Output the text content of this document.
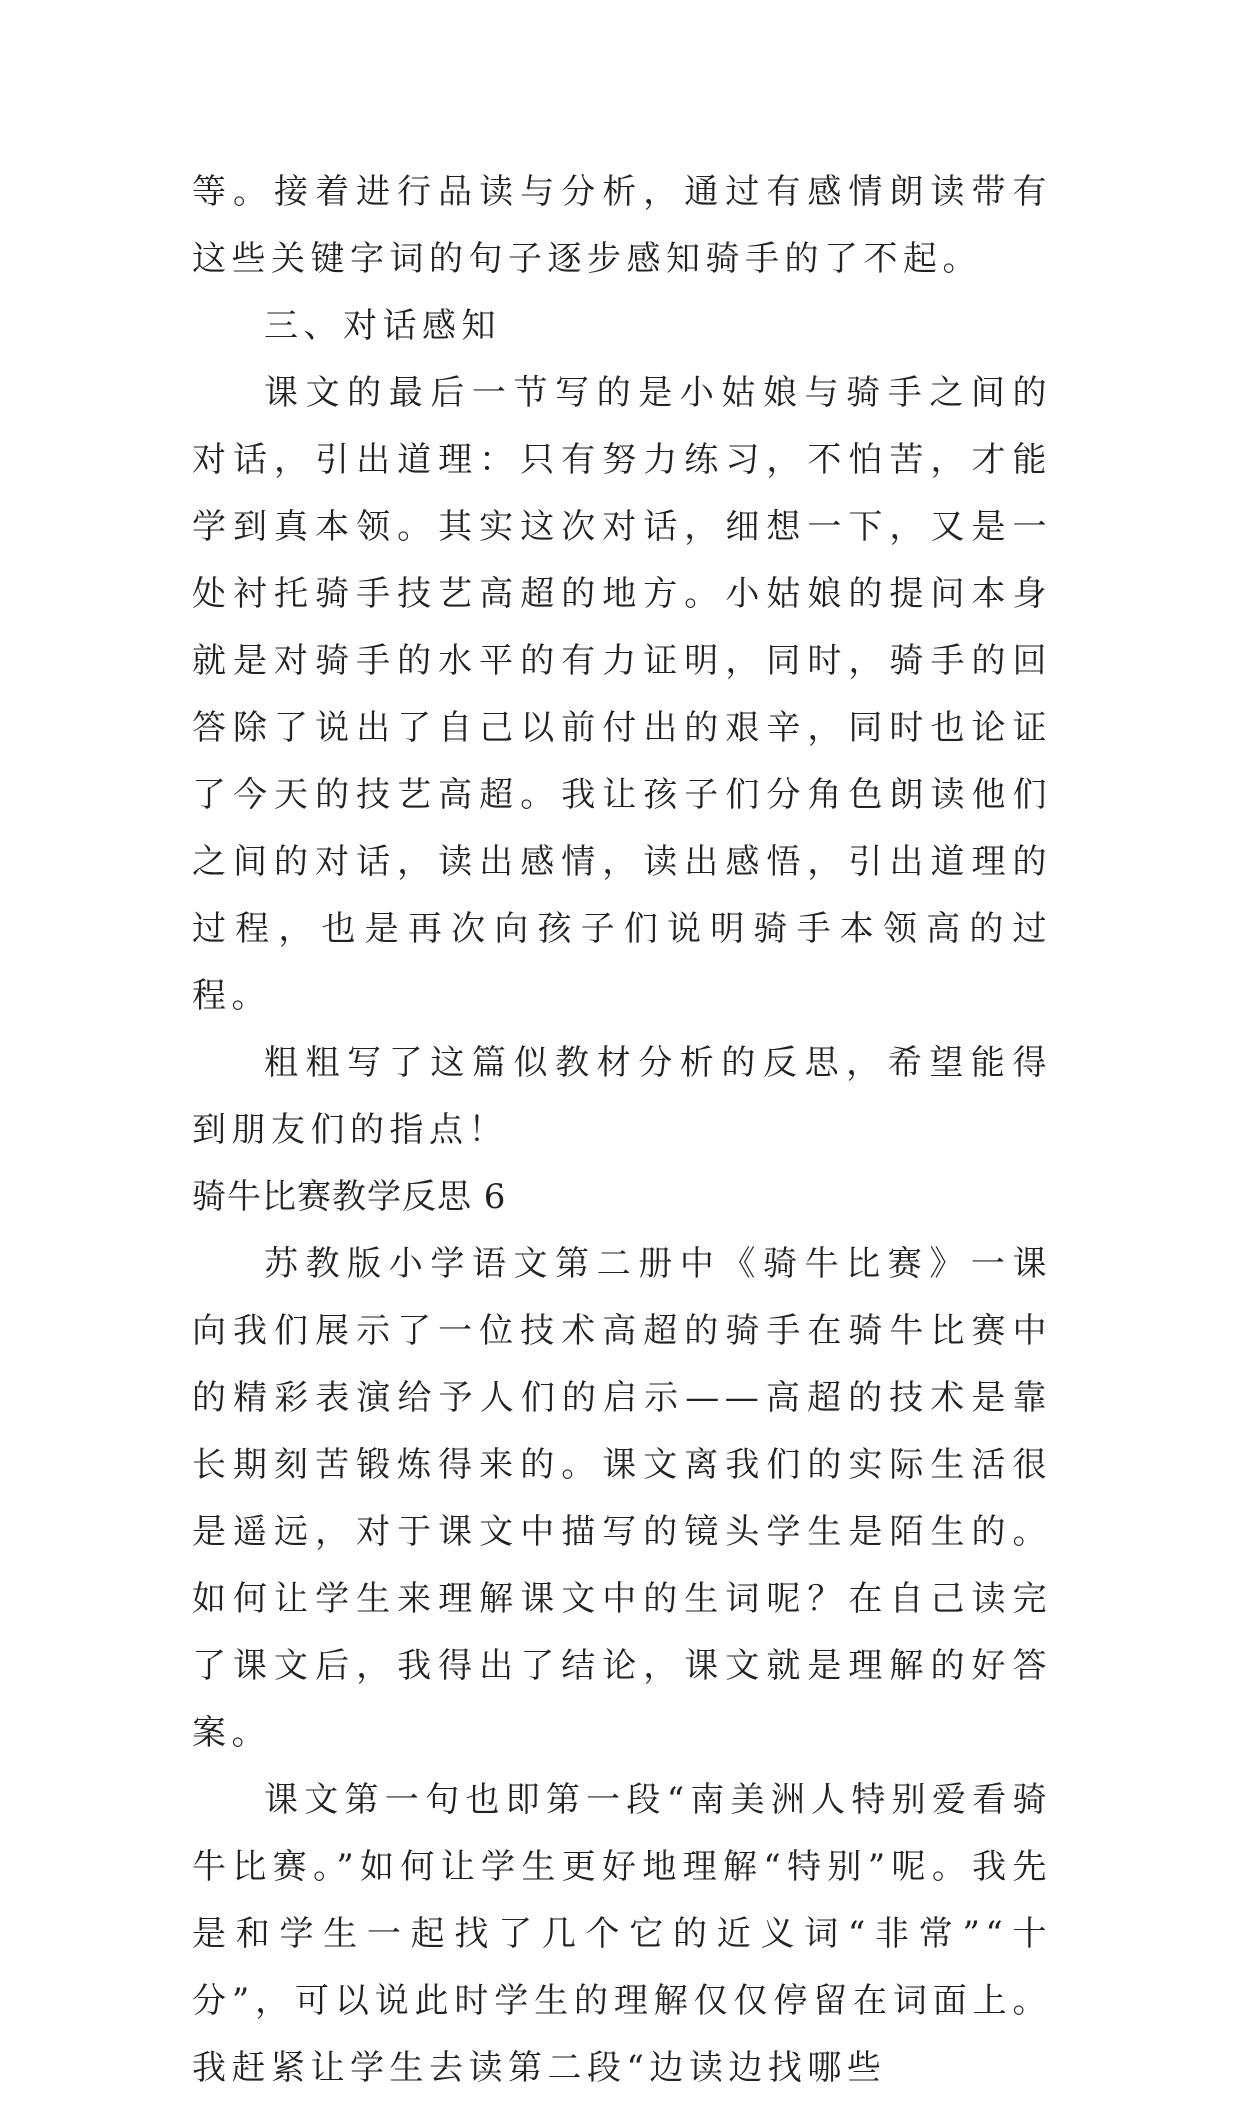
等。接着进行品读与分析，通过有感情朗读带有这些关键字词的句子逐步感知骑手的了不起。

三、对话感知

课文的最后一节写的是小姑娘与骑手之间的对话，引出道理：只有努力练习，不怕苦，才能学到真本领。其实这次对话，细想一下，又是一处衬托骑手技艺高超的地方。小姑娘的提问本身就是对骑手的水平的有力证明，同时，骑手的回答除了说出了自己以前付出的艰辛，同时也论证了今天的技艺高超。我让孩子们分角色朗读他们之间的对话，读出感情，读出感悟，引出道理的过程，也是再次向孩子们说明骑手本领高的过程。

粗粗写了这篇似教材分析的反思，希望能得到朋友们的指点！

骑牛比赛教学反思 6

苏教版小学语文第二册中《骑牛比赛》一课向我们展示了一位技术高超的骑手在骑牛比赛中的精彩表演给予人们的启示——高超的技术是靠长期刻苦锻炼得来的。课文离我们的实际生活很是遥远，对于课文中描写的镜头学生是陌生的。如何让学生来理解课文中的生词呢？在自己读完了课文后，我得出了结论，课文就是理解的好答案。

课文第一句也即第一段“南美洲人特别爱看骑牛比赛。”如何让学生更好地理解“特别”呢。我先是和学生一起找了几个它的近义词“非常”“十分”，可以说此时学生的理解仅仅停留在词面上。我赶紧让学生去读第二段“边读边找哪些
